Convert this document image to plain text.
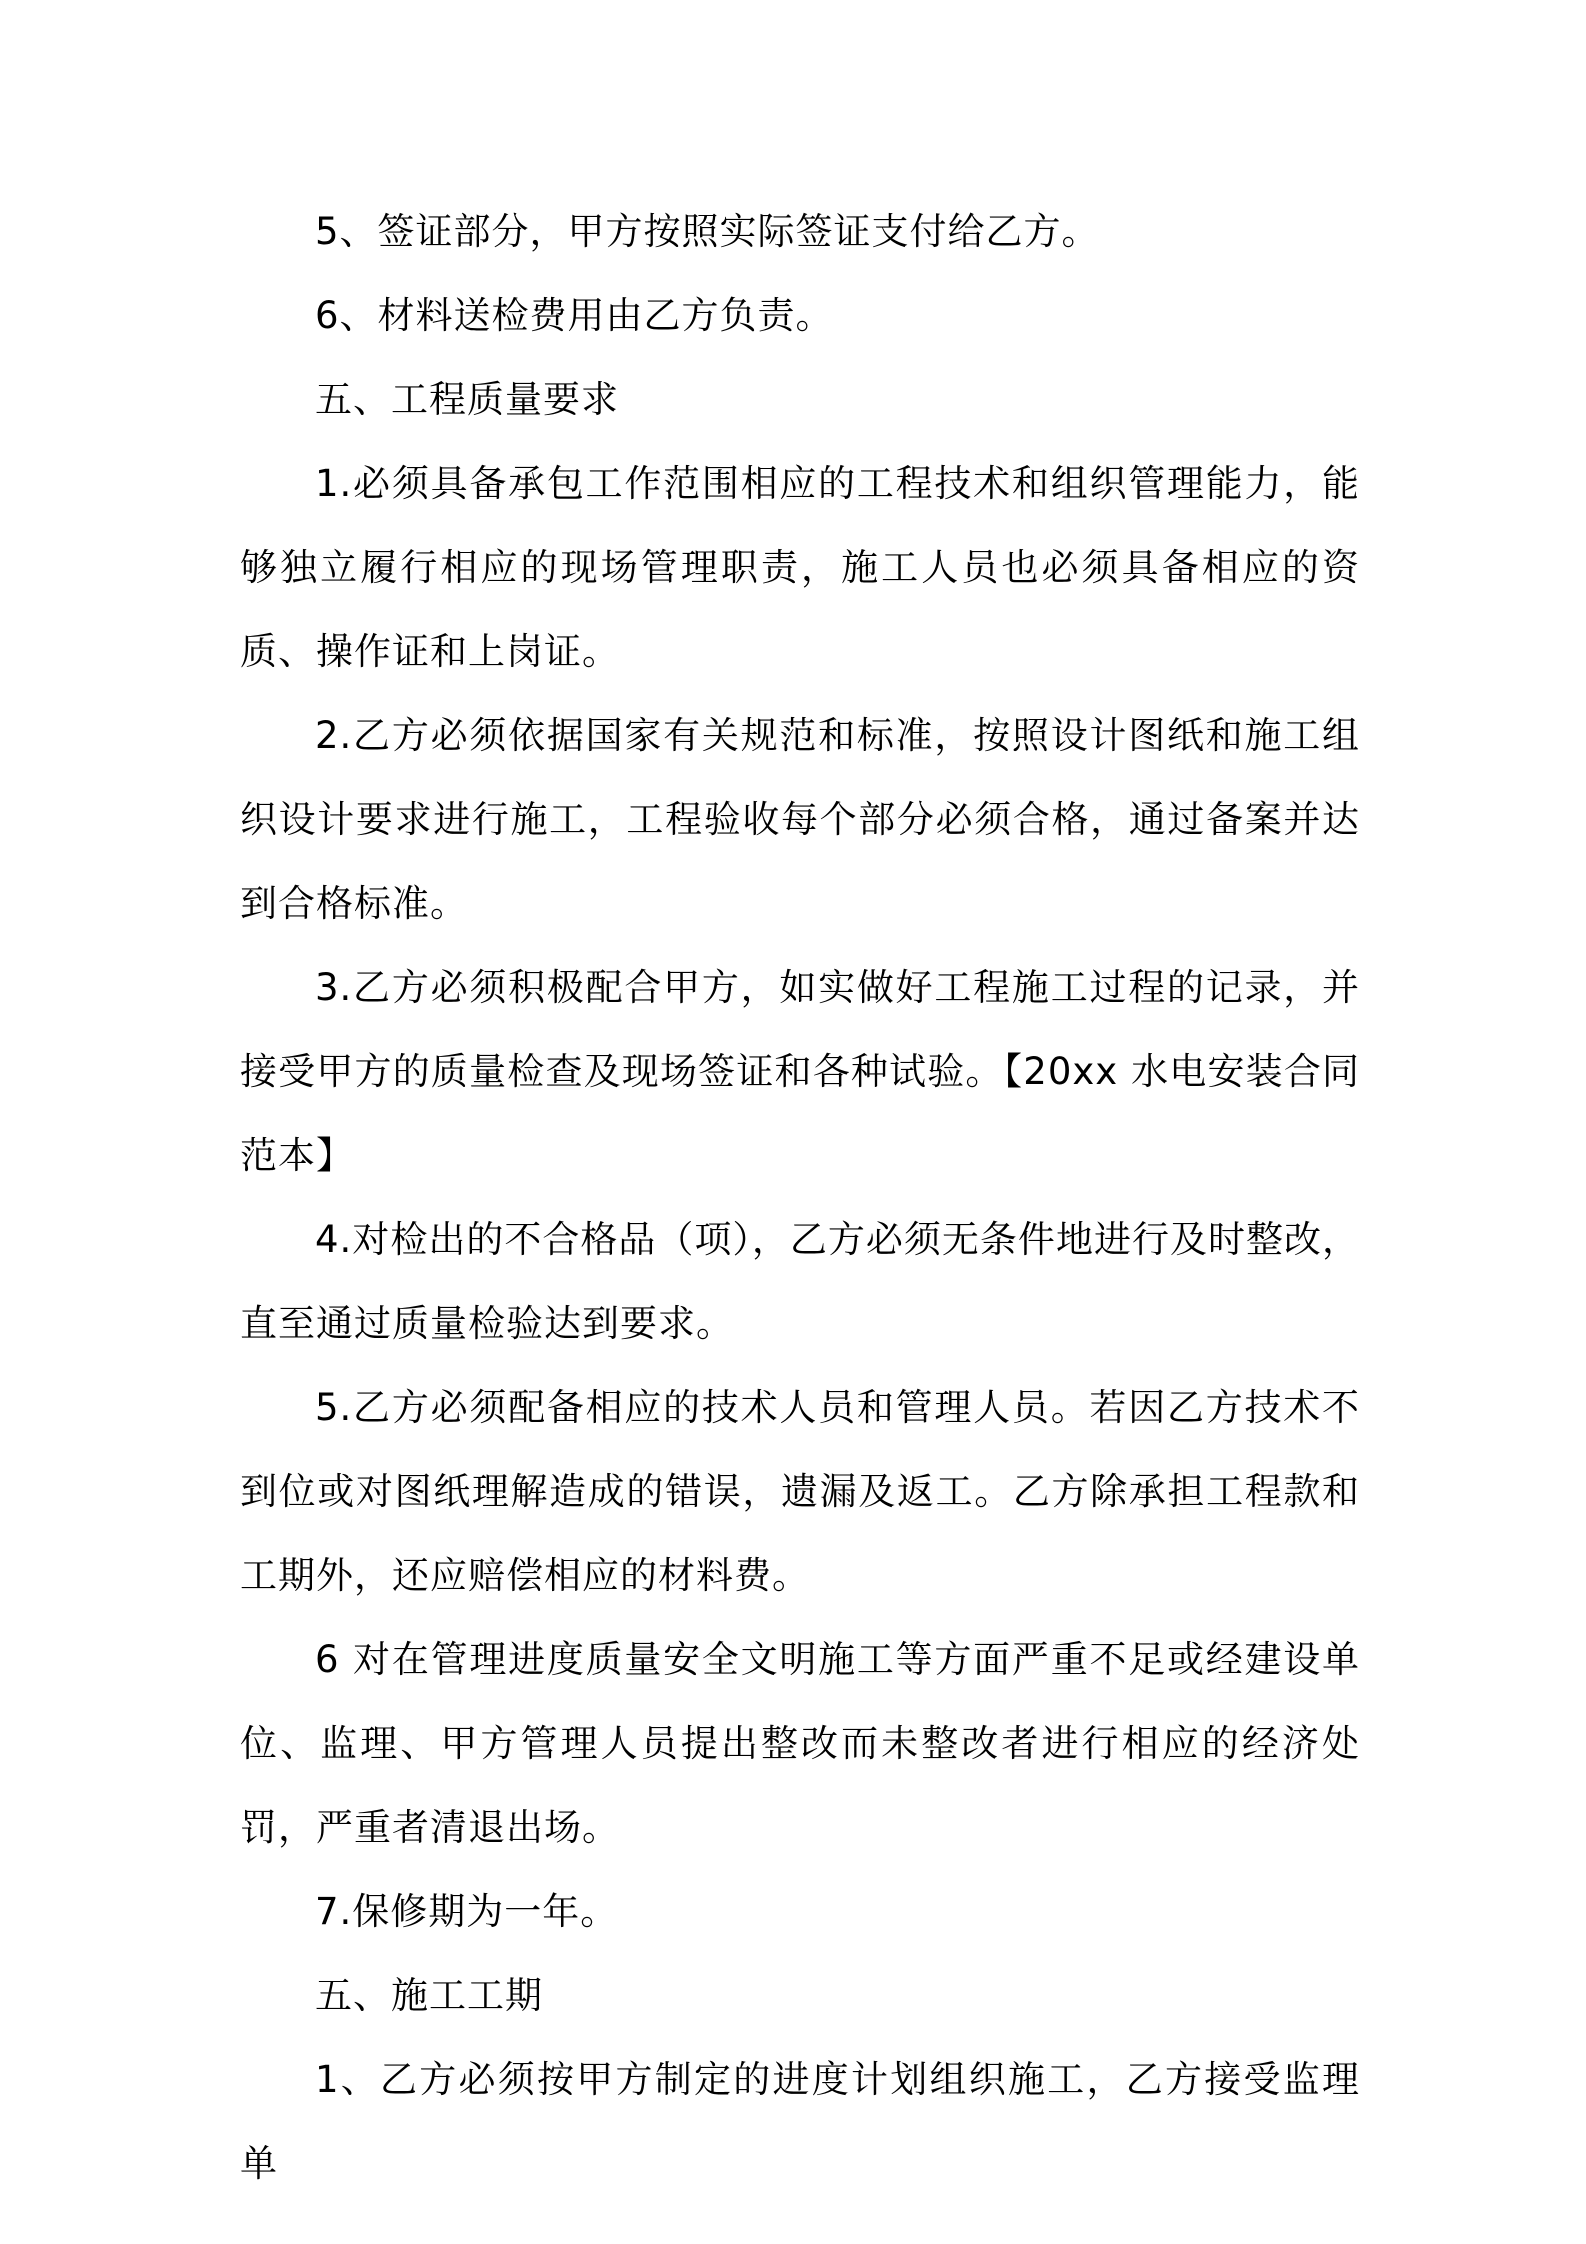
5、签证部分，甲方按照实际签证支付给乙方。

6、材料送检费用由乙方负责。

五、工程质量要求

1.必须具备承包工作范围相应的工程技术和组织管理能力，能够独立履行相应的现场管理职责，施工人员也必须具备相应的资质、操作证和上岗证。

2.乙方必须依据国家有关规范和标准，按照设计图纸和施工组织设计要求进行施工，工程验收每个部分必须合格，通过备案并达到合格标准。

3.乙方必须积极配合甲方，如实做好工程施工过程的记录，并接受甲方的质量检查及现场签证和各种试验。【20xx 水电安装合同范本】

4.对检出的不合格品（项），乙方必须无条件地进行及时整改，直至通过质量检验达到要求。

5.乙方必须配备相应的技术人员和管理人员。若因乙方技术不到位或对图纸理解造成的错误，遗漏及返工。乙方除承担工程款和工期外，还应赔偿相应的材料费。

6 对在管理进度质量安全文明施工等方面严重不足或经建设单位、监理、甲方管理人员提出整改而未整改者进行相应的经济处罚，严重者清退出场。

7.保修期为一年。

五、施工工期

1、乙方必须按甲方制定的进度计划组织施工，乙方接受监理单
